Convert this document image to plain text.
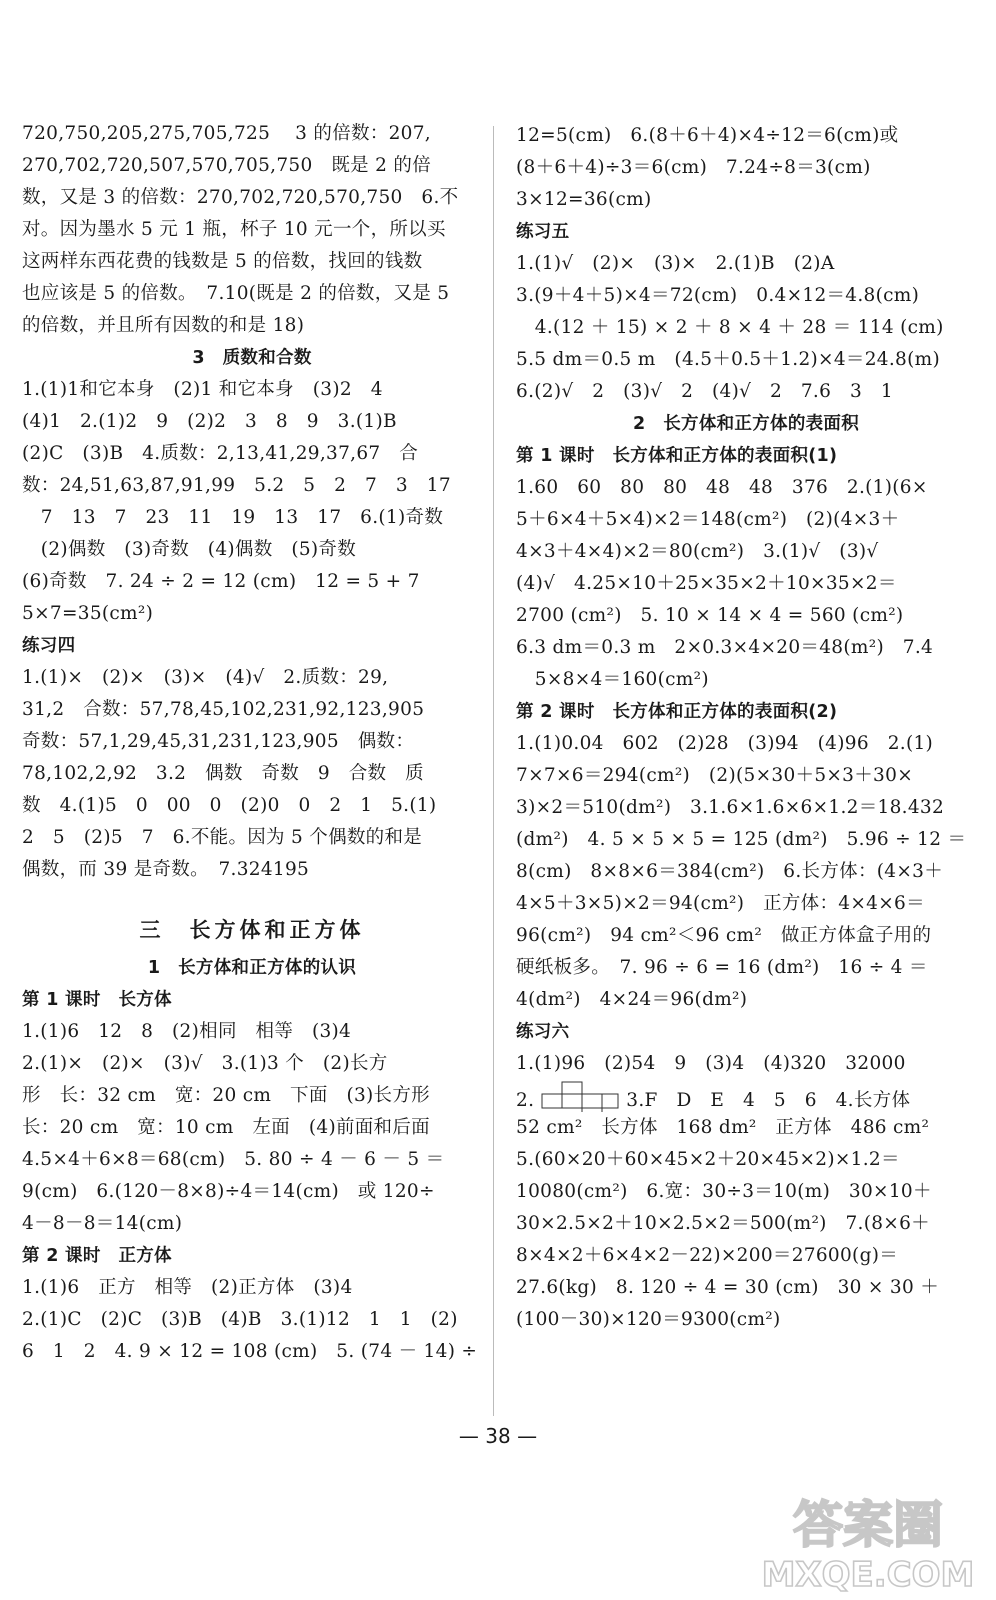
720,750,205,275,705,725　 3 的倍数：207,
270,702,720,507,570,705,750　既是 2 的倍
数，又是 3 的倍数：270,702,720,570,750　6.不
对。因为墨水 5 元 1 瓶，杯子 10 元一个，所以买
这两样东西花费的钱数是 5 的倍数，找回的钱数
也应该是 5 的倍数。　7.10(既是 2 的倍数，又是 5
的倍数，并且所有因数的和是 18)
3　质数和合数
1.(1)1和它本身　(2)1 和它本身　(3)2　4
(4)1　2.(1)2　9　(2)2　3　8　9　3.(1)B
(2)C　(3)B　4.质数：2,13,41,29,37,67　合
数：24,51,63,87,91,99　5.2　5　2　7　3　17
　7　13　7　23　11　19　13　17　6.(1)奇数
　(2)偶数　(3)奇数　(4)偶数　(5)奇数
(6)奇数　7. 24 ÷ 2 = 12 (cm)　12 = 5 + 7
5×7=35(cm²)
练习四
1.(1)×　(2)×　(3)×　(4)√　2.质数：29,
31,2　合数：57,78,45,102,231,92,123,905
奇数：57,1,29,45,31,231,123,905　偶数：
78,102,2,92　3.2　偶数　奇数　9　合数　质
数　4.(1)5　0　00　0　(2)0　0　2　1　5.(1)
2　5　(2)5　7　6.不能。因为 5 个偶数的和是
偶数，而 39 是奇数。　7.324195
三　长方体和正方体
1　长方体和正方体的认识
第 1 课时　长方体
1.(1)6　12　8　(2)相同　相等　(3)4
2.(1)×　(2)×　(3)√　3.(1)3 个　(2)长方
形　长：32 cm　宽：20 cm　下面　(3)长方形
长：20 cm　宽：10 cm　左面　(4)前面和后面
4.5×4＋6×8＝68(cm)　5. 80 ÷ 4 － 6 － 5 ＝
9(cm)　6.(120－8×8)÷4＝14(cm)　或 120÷
4－8－8＝14(cm)
第 2 课时　正方体
1.(1)6　正方　相等　(2)正方体　(3)4
2.(1)C　(2)C　(3)B　(4)B　3.(1)12　1　1　(2)
6　1　2　4. 9 × 12 = 108 (cm)　5. (74 － 14) ÷
12=5(cm)　6.(8＋6＋4)×4÷12＝6(cm)或
(8＋6＋4)÷3＝6(cm)　7.24÷8＝3(cm)
3×12=36(cm)
练习五
1.(1)√　(2)×　(3)×　2.(1)B　(2)A
3.(9＋4＋5)×4＝72(cm)　0.4×12＝4.8(cm)
　4.(12 ＋ 15) × 2 ＋ 8 × 4 ＋ 28 ＝ 114 (cm)
5.5 dm＝0.5 m　(4.5＋0.5＋1.2)×4＝24.8(m)
6.(2)√　2　(3)√　2　(4)√　2　7.6　3　1
2　长方体和正方体的表面积
第 1 课时　长方体和正方体的表面积(1)
1.60　60　80　80　48　48　376　2.(1)(6×
5＋6×4＋5×4)×2＝148(cm²)　(2)(4×3＋
4×3＋4×4)×2＝80(cm²)　3.(1)√　(3)√
(4)√　4.25×10＋25×35×2＋10×35×2＝
2700 (cm²)　5. 10 × 14 × 4 = 560 (cm²)
6.3 dm＝0.3 m　2×0.3×4×20＝48(m²)　7.4
　5×8×4＝160(cm²)
第 2 课时　长方体和正方体的表面积(2)
1.(1)0.04　602　(2)28　(3)94　(4)96　2.(1)
7×7×6＝294(cm²)　(2)(5×30＋5×3＋30×
3)×2＝510(dm²)　3.1.6×1.6×6×1.2＝18.432
(dm²)　4. 5 × 5 × 5 = 125 (dm²)　5.96 ÷ 12 ＝
8(cm)　8×8×6＝384(cm²)　6.长方体：(4×3＋
4×5＋3×5)×2＝94(cm²)　正方体：4×4×6＝
96(cm²)　94 cm²＜96 cm²　做正方体盒子用的
硬纸板多。　7. 96 ÷ 6 = 16 (dm²)　16 ÷ 4 ＝
4(dm²)　4×24＝96(dm²)
练习六
1.(1)96　(2)54　9　(3)4　(4)320　32000
2.	3.F　D　E　4　5　6　4.长方体
52 cm²　长方体　168 dm²　正方体　486 cm²
5.(60×20＋60×45×2＋20×45×2)×1.2＝
10080(cm²)　6.宽：30÷3＝10(m)　30×10＋
30×2.5×2＋10×2.5×2＝500(m²)　7.(8×6＋
8×4×2＋6×4×2－22)×200＝27600(g)＝
27.6(kg)　8. 120 ÷ 4 = 30 (cm)　30 × 30 ＋
(100－30)×120＝9300(cm²)
— 38 —
答案圈
MXQE.COM
